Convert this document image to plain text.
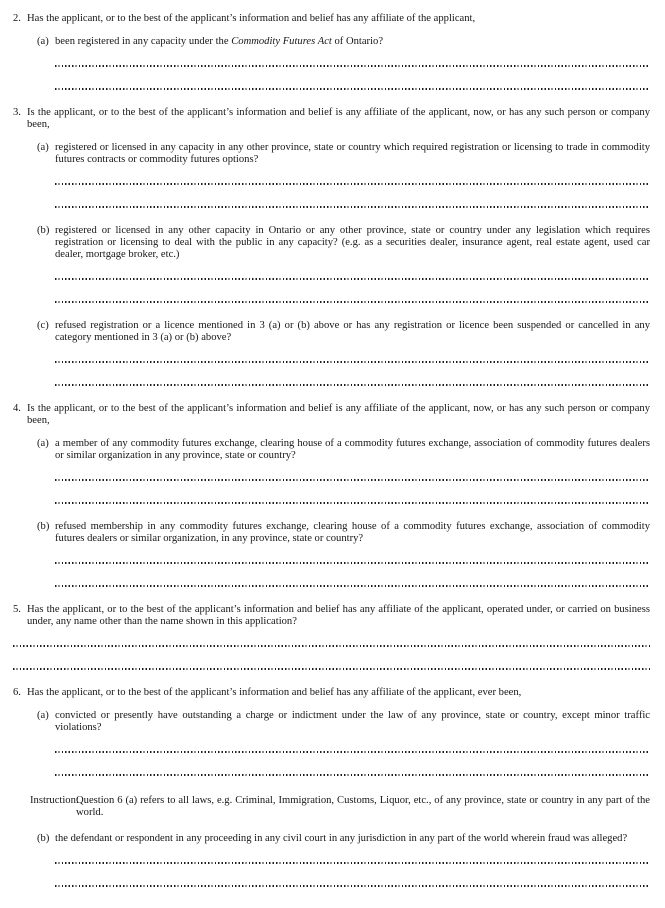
2. Has the applicant, or to the best of the applicant’s information and belief has any affiliate of the applicant,

(a) been registered in any capacity under the Commodity Futures Act of Ontario?

3. Is the applicant, or to the best of the applicant’s information and belief is any affiliate of the applicant, now, or has any such person or company been,

(a) registered or licensed in any capacity in any other province, state or country which required registration or licensing to trade in commodity futures contracts or commodity futures options?

(b) registered or licensed in any other capacity in Ontario or any other province, state or country under any legislation which requires registration or licensing to deal with the public in any capacity? (e.g. as a securities dealer, insurance agent, real estate agent, used car dealer, mortgage broker, etc.)

(c) refused registration or a licence mentioned in 3 (a) or (b) above or has any registration or licence been suspended or cancelled in any category mentioned in 3 (a) or (b) above?

4. Is the applicant, or to the best of the applicant’s information and belief is any affiliate of the applicant, now, or has any such person or company been,

(a) a member of any commodity futures exchange, clearing house of a commodity futures exchange, association of commodity futures dealers or similar organization in any province, state or country?

(b) refused membership in any commodity futures exchange, clearing house of a commodity futures exchange, association of commodity futures dealers or similar organization, in any province, state or country?

5. Has the applicant, or to the best of the applicant’s information and belief has any affiliate of the applicant, operated under, or carried on business under, any name other than the name shown in this application?

6. Has the applicant, or to the best of the applicant’s information and belief has any affiliate of the applicant, ever been,

(a) convicted or presently have outstanding a charge or indictment under the law of any province, state or country, except minor traffic violations?

Instruction:

Question 6 (a) refers to all laws, e.g. Criminal, Immigration, Customs, Liquor, etc., of any province, state or country in any part of the world.

(b) the defendant or respondent in any proceeding in any civil court in any jurisdiction in any part of the world wherein fraud was alleged?
